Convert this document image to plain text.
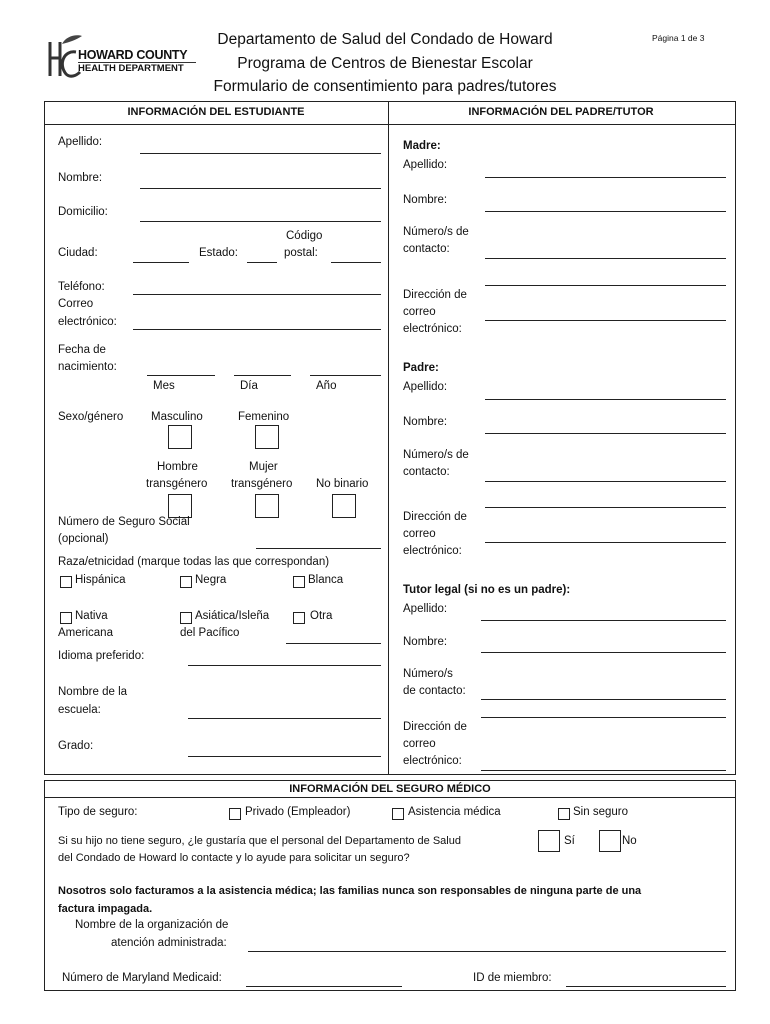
HOWARD COUNTY
HEALTH DEPARTMENT
Departamento de Salud del Condado de Howard
Programa de Centros de Bienestar Escolar
Formulario de consentimiento para padres/tutores
Página 1 de 3
INFORMACIÓN DEL ESTUDIANTE	INFORMACIÓN DEL PADRE/TUTOR
Apellido:
Nombre:
Domicilio:
Código
Ciudad:	Estado:	postal:
Teléfono:
Correo
electrónico:
Fecha de
nacimiento:
Mes	Día	Año
Sexo/género Masculino	Femenino
Hombre
transgénero
Mujer
transgénero No binario
Número de Seguro Social
(opcional)
Raza/etnicidad (marque todas las que correspondan)
Hispánica	Negra	Blanca
Nativa
Americana
Asiática/Isleña
del Pacífico
Otra
Idioma preferido:
Nombre de la
escuela:
Grado:
Madre:
Apellido:
Nombre:
Número/s de
contacto:
Dirección de
correo
electrónico:
Padre:
Apellido:
Nombre:
Número/s de
contacto:
Dirección de
correo
electrónico:
Tutor legal (si no es un padre):
Apellido:
Nombre:
Número/s
de contacto:
Dirección de
correo
electrónico:
INFORMACIÓN DEL SEGURO MÉDICO
Tipo de seguro:	Privado (Empleador)	Asistencia médica	Sin seguro
Si su hijo no tiene seguro, ¿le gustaría que el personal del Departamento de Salud
del Condado de Howard lo contacte y lo ayude para solicitar un seguro?
Sí	No
Nosotros solo facturamos a la asistencia médica; las familias nunca son responsables de ninguna parte de una
factura impagada.
Nombre de la organización de
atención administrada:
Número de Maryland Medicaid:	ID de miembro:
